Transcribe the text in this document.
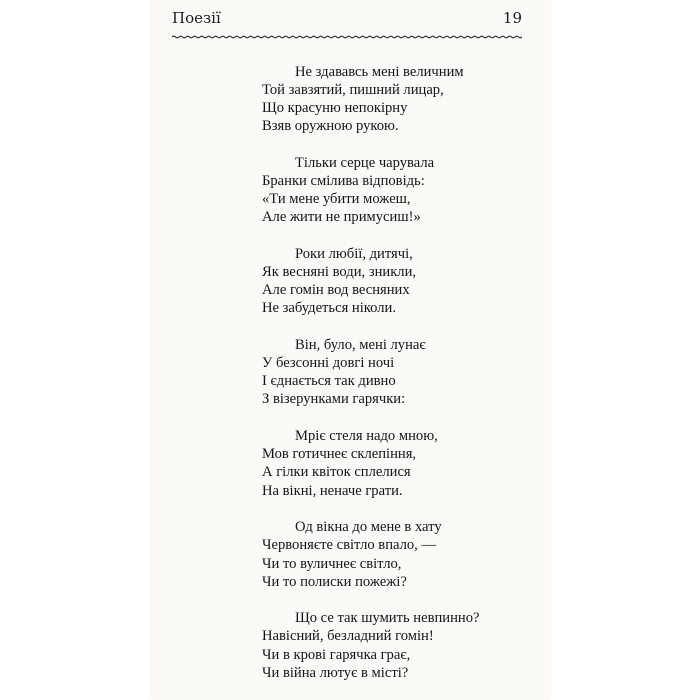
Поезії	19
Не здававсь мені величним
Той завзятий, пишний лицар,
Що красуню непокірну
Взяв оружною рукою.
Тільки серце чарувала
Бранки смілива відповідь:
«Ти мене убити можеш,
Але жити не примусиш!»
Роки любії, дитячі,
Як весняні води, зникли,
Але гомін вод весняних
Не забудеться ніколи.
Він, було, мені лунає
У безсонні довгі ночі
І єднається так дивно
З візерунками гарячки:
Мріє стеля надо мною,
Мов готичнеє склепіння,
А гілки квіток сплелися
На вікні, неначе грати.
Од вікна до мене в хату
Червоняєте світло впало, —
Чи то вуличнеє світло,
Чи то полиски пожежі?
Що се так шумить невпинно?
Навісний, безладний гомін!
Чи в крові гарячка грає,
Чи війна лютує в місті?
